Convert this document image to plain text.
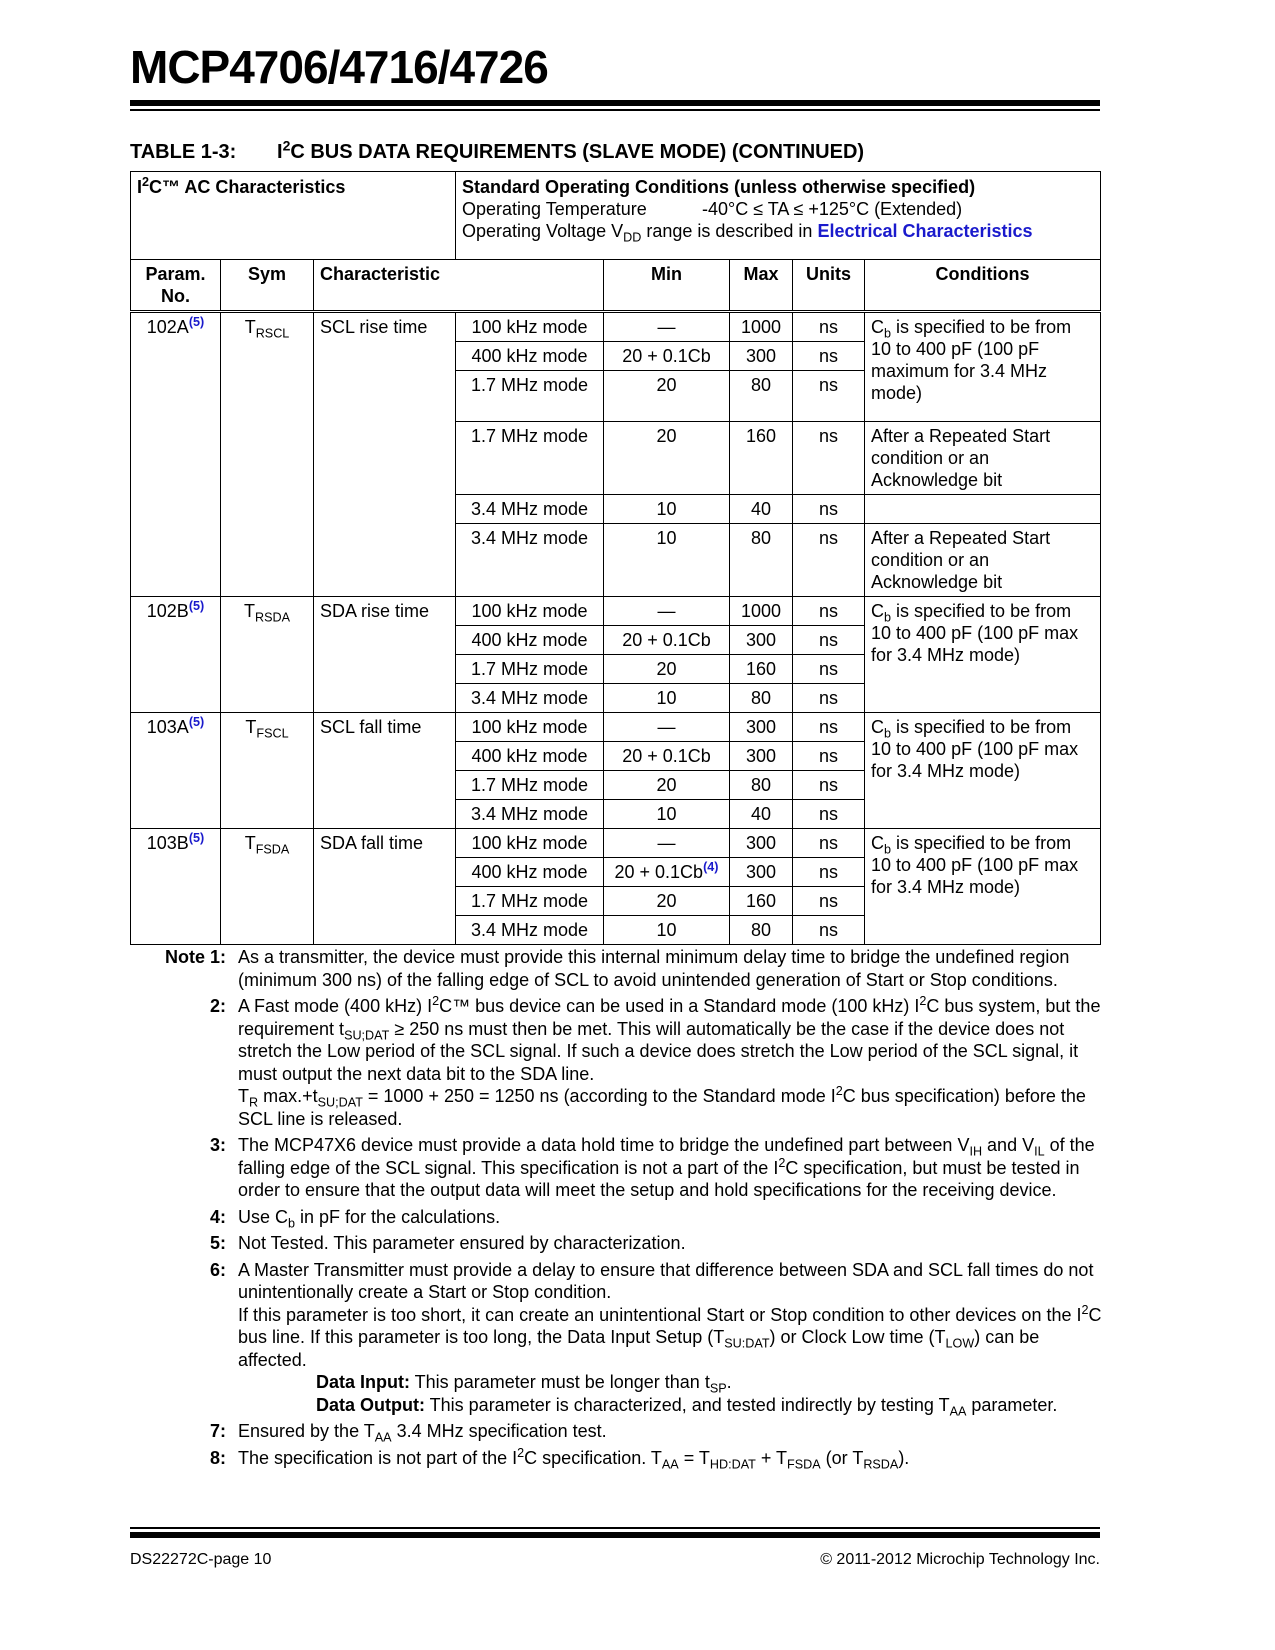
MCP4706/4716/4726
TABLE 1-3: $I^2C$ BUS DATA REQUIREMENTS (SLAVE MODE) (CONTINUED)
$I^2C™$ AC Characteristics			Standard Operating Conditions (unless otherwise specified)
Operating Temperature -40°C ≤ TA ≤ +125°C (Extended)
Operating Voltage $V_{DD}$ range is described in Electrical Characteristics				

Param. No.	Sym	Characteristic		Min	Max	Units	Conditions
102A$^{(5)}$	$T_{RSCL}$	SCL rise time	100 kHz mode	—	1000	ns	$C_b$ is specified to be from 10 to 400 pF (100 pF maximum for 3.4 MHz mode)
			400 kHz mode	20 + 0.1Cb	300	ns	
			1.7 MHz mode	20	80	ns	
			1.7 MHz mode	20	160	ns	After a Repeated Start condition or an Acknowledge bit
			3.4 MHz mode	10	40	ns	
			3.4 MHz mode	10	80	ns	After a Repeated Start condition or an Acknowledge bit
102B$^{(5)}$	$T_{RSDA}$	SDA rise time	100 kHz mode	—	1000	ns	$C_b$ is specified to be from 10 to 400 pF (100 pF max for 3.4 MHz mode)
			400 kHz mode	20 + 0.1Cb	300	ns	
			1.7 MHz mode	20	160	ns	
			3.4 MHz mode	10	80	ns	
103A$^{(5)}$	$T_{FSCL}$	SCL fall time	100 kHz mode	—	300	ns	$C_b$ is specified to be from 10 to 400 pF (100 pF max for 3.4 MHz mode)
			400 kHz mode	20 + 0.1Cb	300	ns	
			1.7 MHz mode	20	80	ns	
			3.4 MHz mode	10	40	ns	
103B$^{(5)}$	$T_{FSDA}$	SDA fall time	100 kHz mode	—	300	ns	$C_b$ is specified to be from 10 to 400 pF (100 pF max for 3.4 MHz mode)
			400 kHz mode	20 + 0.1Cb$^{(4)}$	300	ns	
			1.7 MHz mode	20	160	ns	
			3.4 MHz mode	10	80	ns	
Note 1: As a transmitter, the device must provide this internal minimum delay time to bridge the undefined region (minimum 300 ns) of the falling edge of SCL to avoid unintended generation of Start or Stop conditions.
2: A Fast mode (400 kHz) $I^2C™$ bus device can be used in a Standard mode (100 kHz) $I^2C$ bus system, but the requirement $t_{SU;DAT} \ge 250$ ns must then be met. This will automatically be the case if the device does not stretch the Low period of the SCL signal. If such a device does stretch the Low period of the SCL signal, it must output the next data bit to the SDA line.
$T_R$ $\max.+t_{SU;DAT} = 1000 + 250 = 1250$ ns (according to the Standard mode $I^2C$ bus specification) before the SCL line is released.
3: The MCP47X6 device must provide a data hold time to bridge the undefined part between $V_{IH}$ and $V_{IL}$ of the falling edge of the SCL signal. This specification is not a part of the $I^2C$ specification, but must be tested in order to ensure that the output data will meet the setup and hold specifications for the receiving device.
4: Use $C_b$ in pF for the calculations.
5: Not Tested. This parameter ensured by characterization.
6: A Master Transmitter must provide a delay to ensure that difference between SDA and SCL fall times do not unintentionally create a Start or Stop condition.
If this parameter is too short, it can create an unintentional Start or Stop condition to other devices on the $I^2C$ bus line. If this parameter is too long, the Data Input Setup $(T_{SU:DAT})$ or Clock Low time $(T_{LOW})$ can be affected.
Data Input: This parameter must be longer than $t_{SP}$.
Data Output: This parameter is characterized, and tested indirectly by testing $T_{AA}$ parameter.
7: Ensured by the $T_{AA}$ 3.4 MHz specification test.
8: The specification is not part of the $I^2C$ specification. $T_{AA} = T_{HD:DAT} + T_{FSDA}$ (or $T_{RSDA}$).
DS22272C-page 10	© 2011-2012 Microchip Technology Inc.
